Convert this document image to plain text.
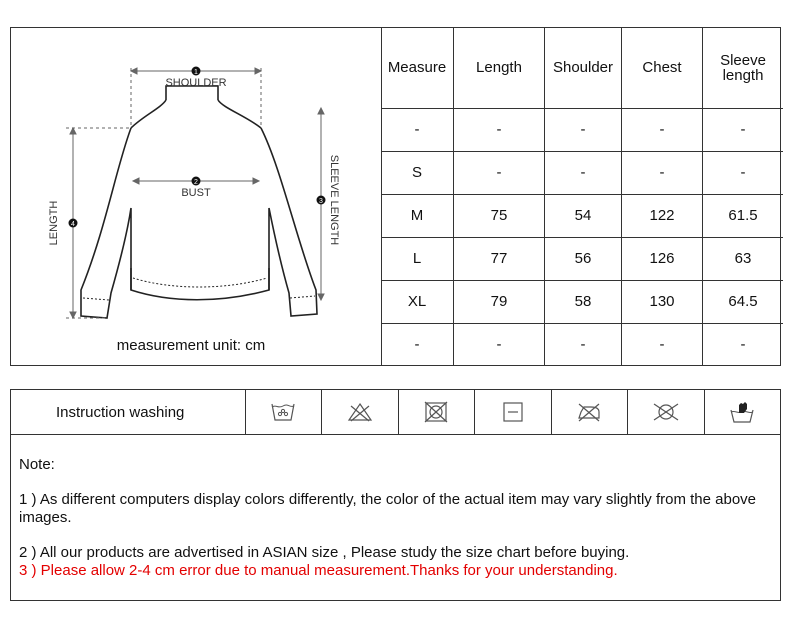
1
2
3
4
SHOULDER
BUST
LENGTH	SLEEVE LENGTH
measurement unit: cm
Measure	Length	Shoulder	Chest	Sleeve length
-	-	-	-	-
S	-	-	-	-
M	75	54	122	61.5
L	77	56	126	63
XL	79	58	130	64.5
-	-	-	-	-
Instruction washing
Note:
1 ) As different computers display colors differently, the color of the actual item may vary slightly from the above images.
2 ) All our products are advertised in ASIAN size , Please study the size chart before buying.
3 ) Please allow 2-4 cm error due to manual measurement.Thanks for your understanding.
